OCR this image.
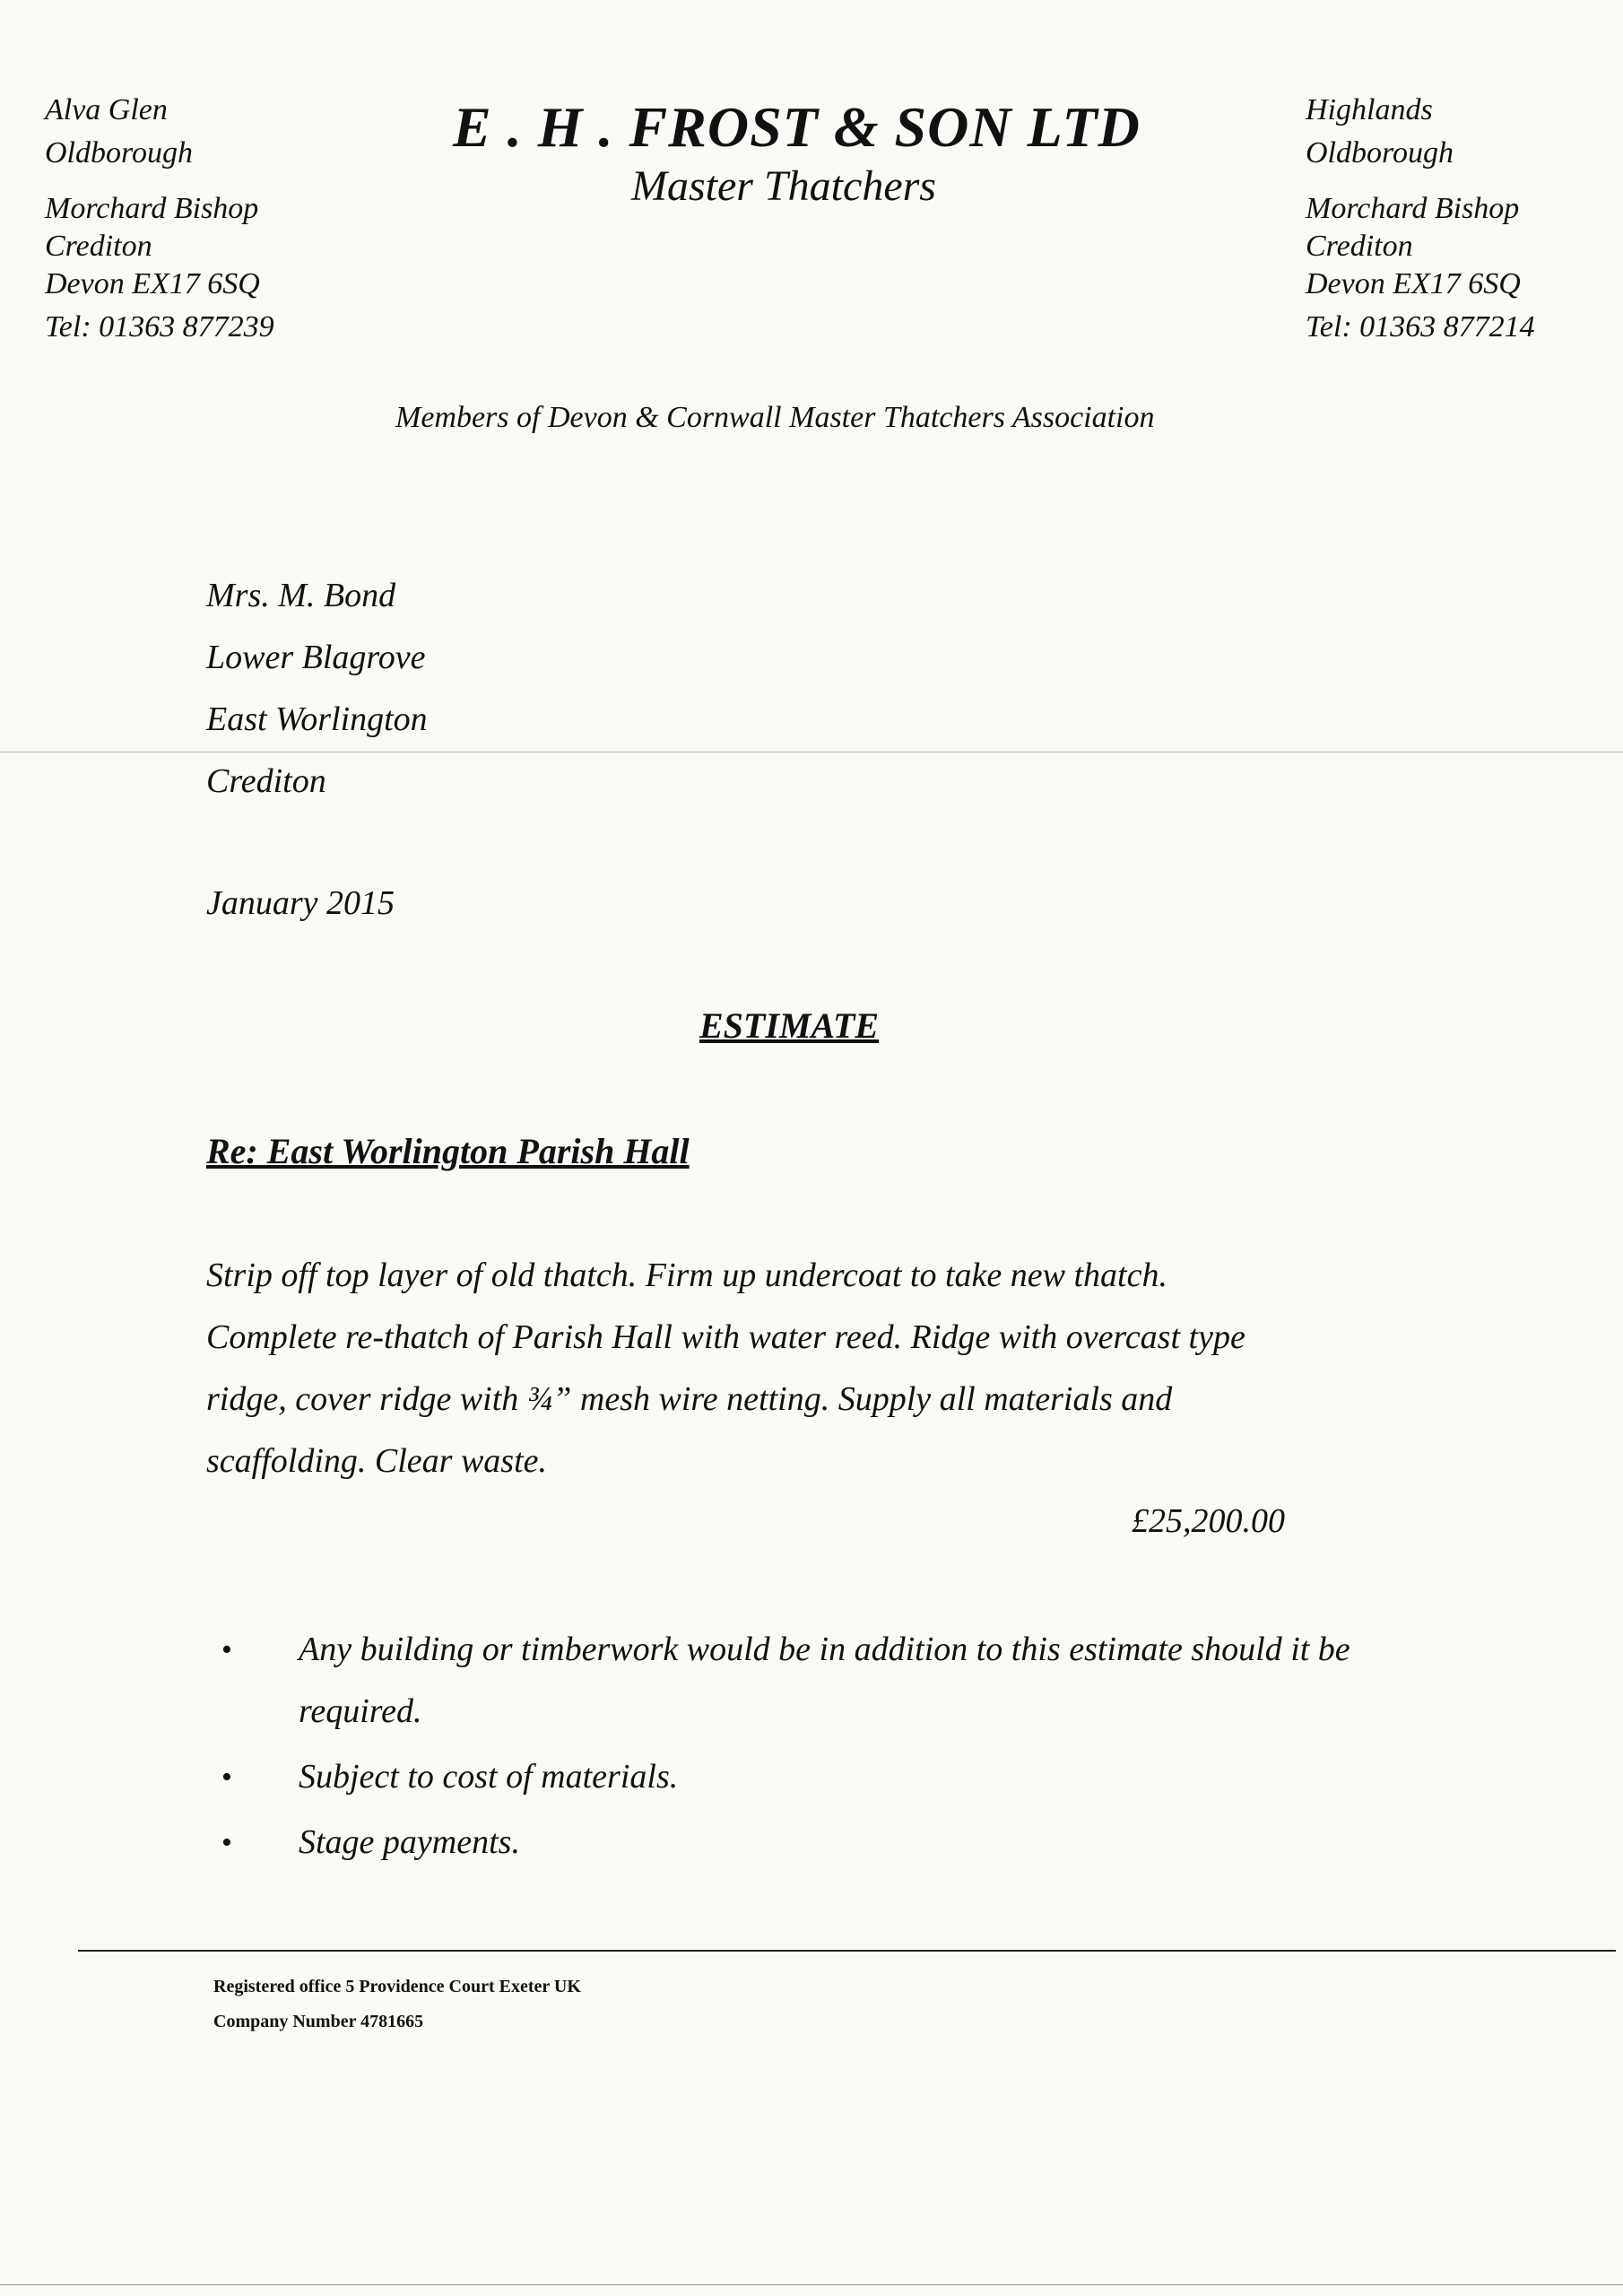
Alva Glen
Oldborough
Morchard Bishop
Crediton
Devon EX17 6SQ
Tel: 01363 877239
E . H . FROST & SON LTD
Master Thatchers
Highlands
Oldborough
Morchard Bishop
Crediton
Devon EX17 6SQ
Tel: 01363 877214
Members of Devon & Cornwall Master Thatchers Association
Mrs. M. Bond
Lower Blagrove
East Worlington
Crediton
January 2015
ESTIMATE
Re: East Worlington Parish Hall
Strip off top layer of old thatch. Firm up undercoat to take new thatch.
Complete re-thatch of Parish Hall with water reed. Ridge with overcast type
ridge, cover ridge with ¾” mesh wire netting. Supply all materials and
scaffolding. Clear waste.
£25,200.00
• Any building or timberwork would be in addition to this estimate should it be required.
• Subject to cost of materials.
• Stage payments.
Registered office 5 Providence Court Exeter UK
Company Number 4781665
